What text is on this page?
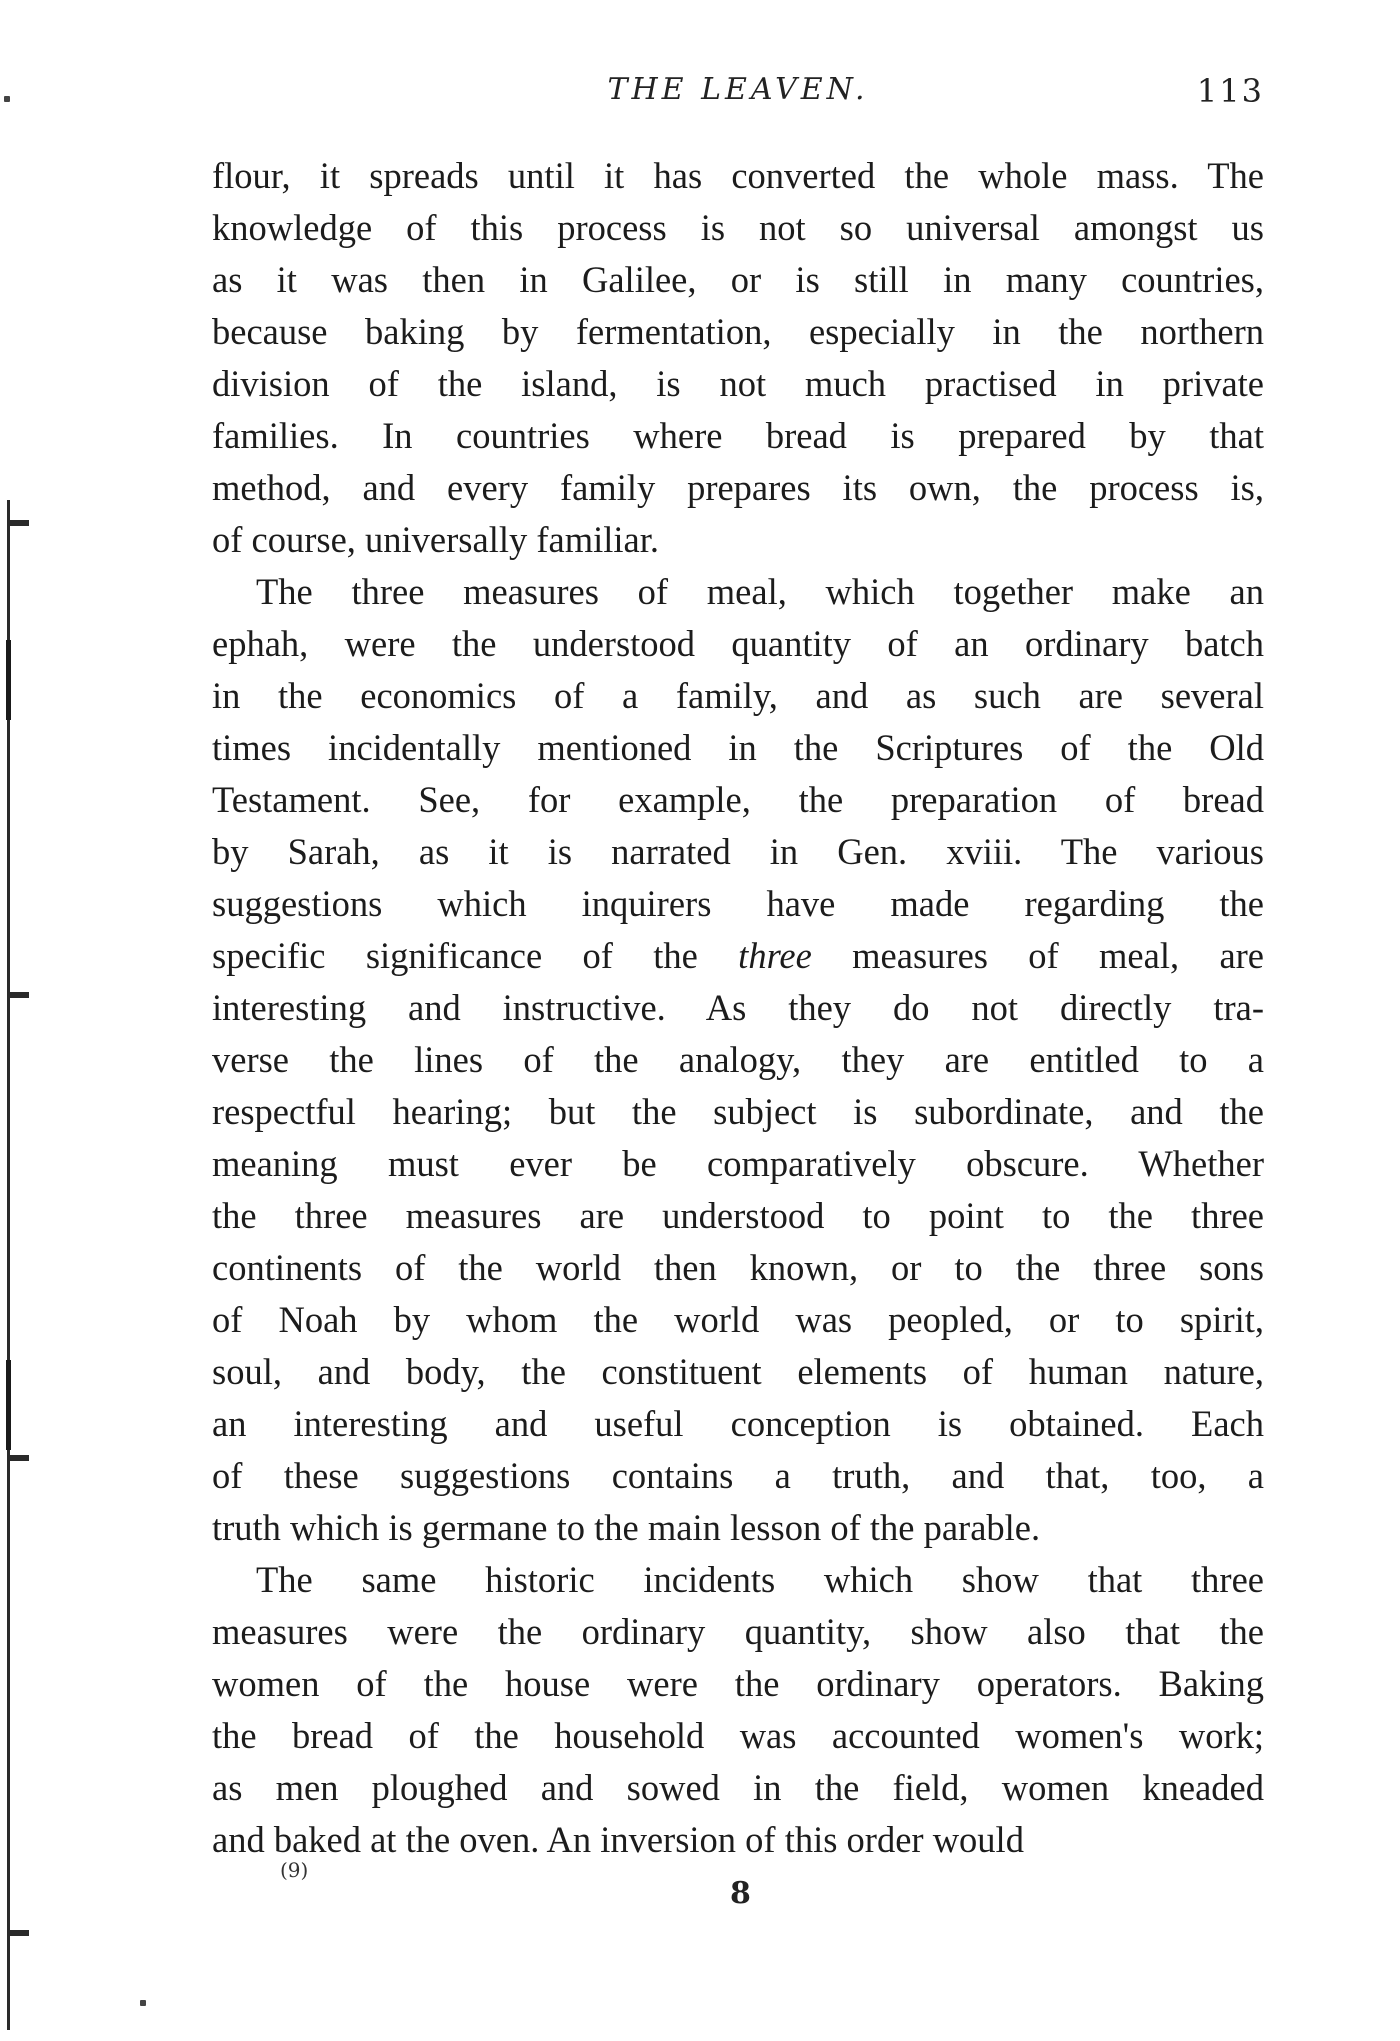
THE LEAVEN.	113
flour, it spreads until it has converted the whole mass. The
knowledge of this process is not so universal amongst us
as it was then in Galilee, or is still in many countries,
because baking by fermentation, especially in the northern
division of the island, is not much practised in private
families. In countries where bread is prepared by that
method, and every family prepares its own, the process is,
of course, universally familiar.
The three measures of meal, which together make an
ephah, were the understood quantity of an ordinary batch
in the economics of a family, and as such are several
times incidentally mentioned in the Scriptures of the Old
Testament. See, for example, the preparation of bread
by Sarah, as it is narrated in Gen. xviii. The various
suggestions which inquirers have made regarding the
specific significance of the three measures of meal, are
interesting and instructive. As they do not directly tra-
verse the lines of the analogy, they are entitled to a
respectful hearing; but the subject is subordinate, and the
meaning must ever be comparatively obscure. Whether
the three measures are understood to point to the three
continents of the world then known, or to the three sons
of Noah by whom the world was peopled, or to spirit,
soul, and body, the constituent elements of human nature,
an interesting and useful conception is obtained. Each
of these suggestions contains a truth, and that, too, a
truth which is germane to the main lesson of the parable.
The same historic incidents which show that three
measures were the ordinary quantity, show also that the
women of the house were the ordinary operators. Baking
the bread of the household was accounted women's work;
as men ploughed and sowed in the field, women kneaded
and baked at the oven. An inversion of this order would
(9)
8
